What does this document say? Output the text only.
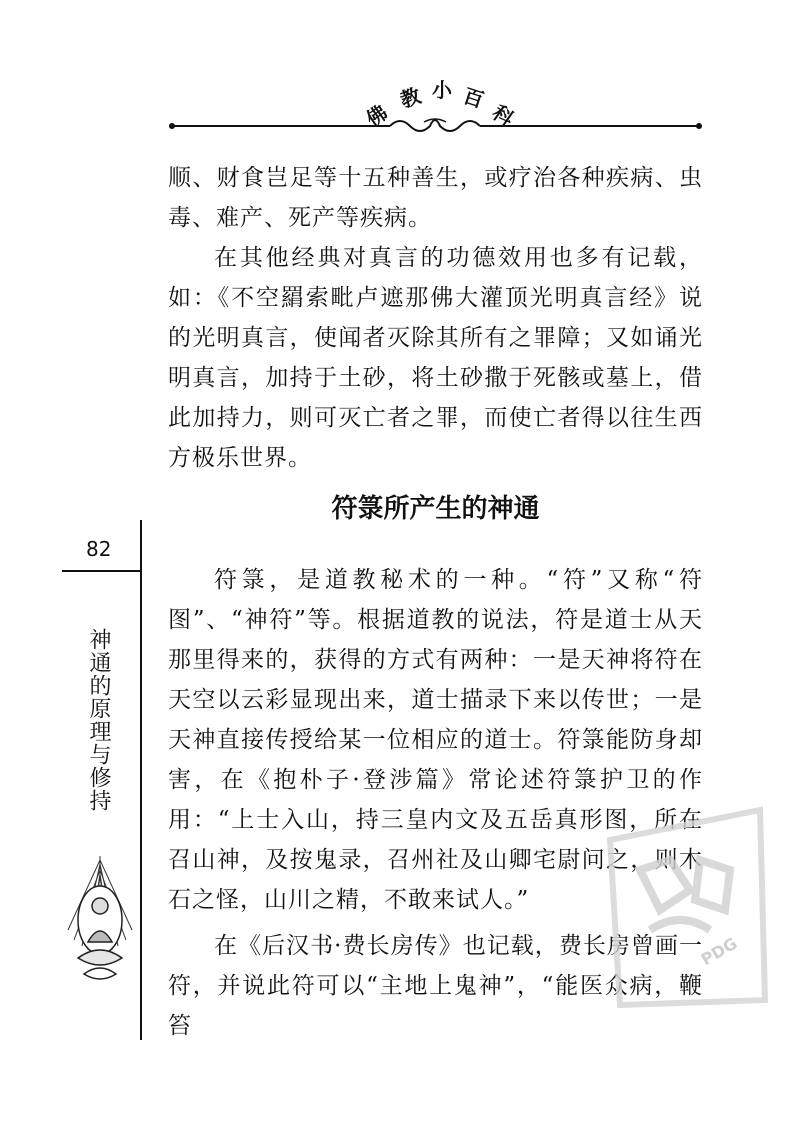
佛
教 小 百
科

顺、财食岂足等十五种善生，或疗治各种疾病、虫毒、难产、死产等疾病。

在其他经典对真言的功德效用也多有记载，如：《不空羂索毗卢遮那佛大灌顶光明真言经》说的光明真言，使闻者灭除其所有之罪障；又如诵光明真言，加持于土砂，将土砂撒于死骸或墓上，借此加持力，则可灭亡者之罪，而使亡者得以往生西方极乐世界。

符箓所产生的神通

符箓，是道教秘术的一种。“符”又称“符图”、“神符”等。根据道教的说法，符是道士从天那里得来的，获得的方式有两种：一是天神将符在天空以云彩显现出来，道士描录下来以传世；一是天神直接传授给某一位相应的道士。符箓能防身却害，在《抱朴子·登涉篇》常论述符箓护卫的作用：“上士入山，持三皇内文及五岳真形图，所在召山神，及按鬼录，召州社及山卿宅尉问之，则木石之怪，山川之精，不敢来试人。”

在《后汉书·费长房传》也记载，费长房曾画一符，并说此符可以“主地上鬼神”，“能医众病，鞭笞

82
神通的原理与修持
PDG
